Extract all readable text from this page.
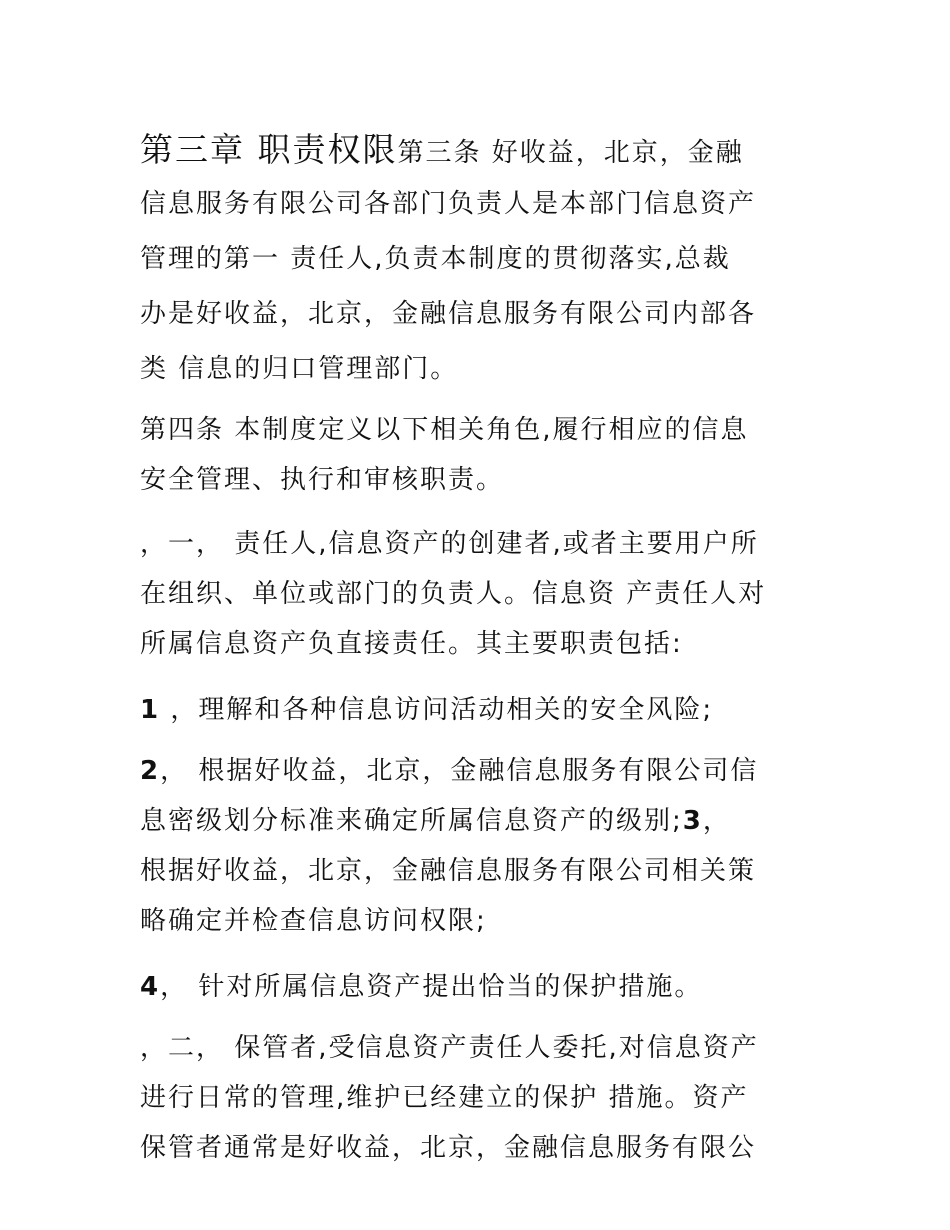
第三章 职责权限第三条 好收益，北京，金融
信息服务有限公司各部门负责人是本部门信息资产
管理的第一 责任人,负责本制度的贯彻落实,总裁
办是好收益，北京，金融信息服务有限公司内部各
类 信息的归口管理部门。
第四条 本制度定义以下相关角色,履行相应的信息
安全管理、执行和审核职责。
，一， 责任人,信息资产的创建者,或者主要用户所
在组织、单位或部门的负责人。信息资 产责任人对
所属信息资产负直接责任。其主要职责包括:
1 ，理解和各种信息访问活动相关的安全风险;
2， 根据好收益，北京，金融信息服务有限公司信
息密级划分标准来确定所属信息资产的级别;3，
根据好收益，北京，金融信息服务有限公司相关策
略确定并检查信息访问权限;
4， 针对所属信息资产提出恰当的保护措施。
，二， 保管者,受信息资产责任人委托,对信息资产
进行日常的管理,维护已经建立的保护 措施。资产
保管者通常是好收益，北京，金融信息服务有限公
